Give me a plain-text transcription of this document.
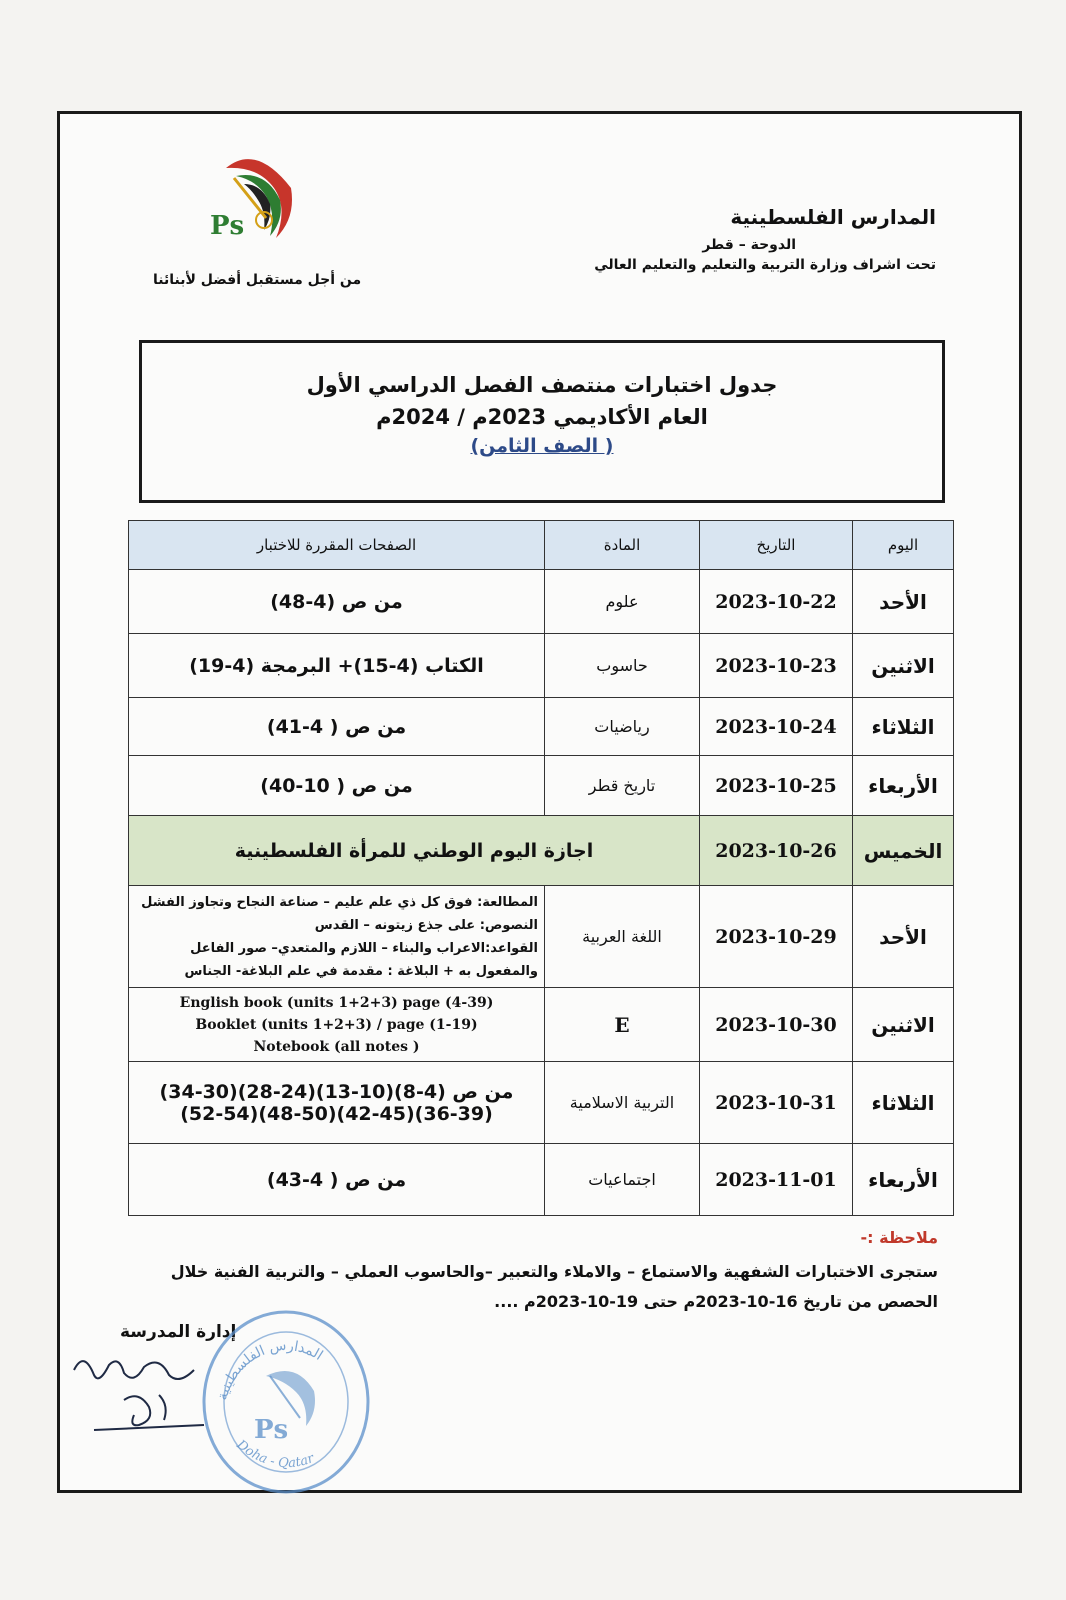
Ps	المدارس الفلسطينية
الدوحة – قطر
تحت اشراف وزارة التربية والتعليم والتعليم العالي
من أجل مستقبل أفضل لأبنائنا
جدول اختبارات منتصف الفصل الدراسي الأول
العام الأكاديمي 2023م / 2024م
( الصف الثامن)
اليوم	التاريخ	المادة	الصفحات المقررة للاختبار
الأحد	2023-10-22	علوم	من ص (4-48)
الاثنين	2023-10-23	حاسوب	الكتاب (4-15)+ البرمجة (4-19)
الثلاثاء	2023-10-24	رياضيات	من ص ( 4-41)
الأربعاء	2023-10-25	تاريخ قطر	من ص ( 10-40)
الخميس	2023-10-26	اجازة اليوم الوطني للمرأة الفلسطينية	
الأحد	2023-10-29	اللغة العربية	المطالعة: فوق كل ذي علم عليم – صناعة النجاح وتجاوز الفشل
النصوص: على جذع زيتونه – القدس
القواعد:الاعراب والبناء – اللازم والمتعدي– صور الفاعل
والمفعول به + البلاغة : مقدمة في علم البلاغة- الجناس

الاثنين	2023-10-30	E	English book (units 1+2+3) page (4-39)
Booklet (units 1+2+3) / page (1-19)
Notebook (all notes )

الثلاثاء	2023-10-31	التربية الاسلامية	من ص (4-8)(10-13)(24-28)(30-34)
(36-39)(42-45)(48-50)(52-54)

الأربعاء	2023-11-01	اجتماعيات	من ص ( 4-43)
ملاحظة :-
ستجرى الاختبارات الشفهية والاستماع – والاملاء والتعبير –والحاسوب العملي – والتربية الفنية خلال
الحصص من تاريخ 16-10-2023م حتى 19-10-2023م ....
إدارة المدرسة
المدارس الفلسطينية
Ps
Doha - Qatar
